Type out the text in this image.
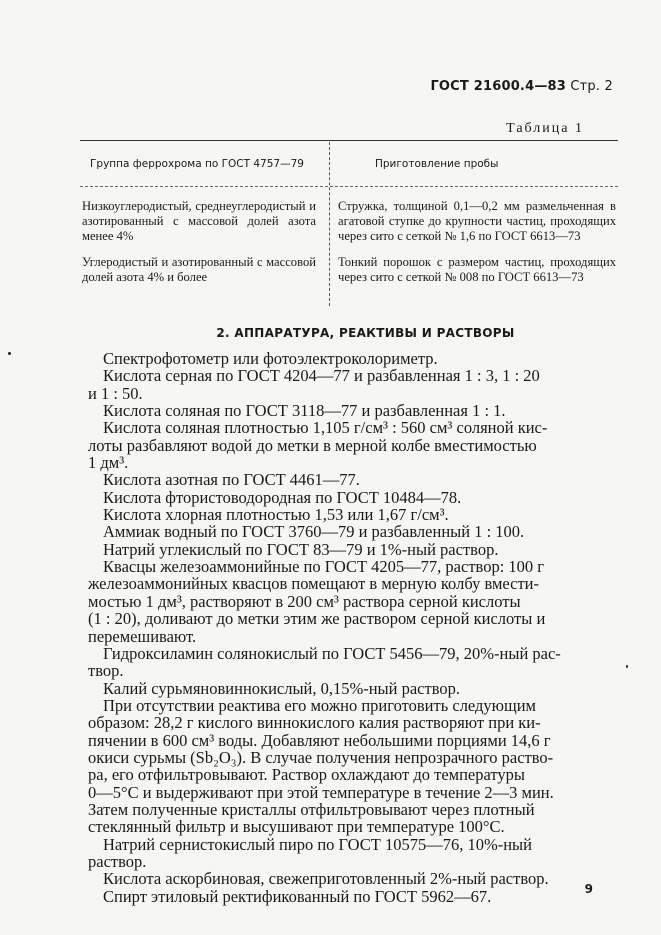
ГОСТ 21600.4—83 Стр. 2
Таблица 1
Группа феррохрома по ГОСТ 4757—79	Приготовление пробы
Низкоуглеродистый, среднеуглеродистый и азотированный с массовой долей азота менее 4%
Стружка, толщиной 0,1—0,2 мм размельченная в агатовой ступке до крупности частиц, проходящих через сито с сеткой № 1,6 по ГОСТ 6613—73
Углеродистый и азотированный с массовой долей азота 4% и более
Тонкий порошок с размером частиц, проходящих через сито с сеткой № 008 по ГОСТ 6613—73
2. АППАРАТУРА, РЕАКТИВЫ И РАСТВОРЫ
Спектрофотометр или фотоэлектроколориметр.
Кислота серная по ГОСТ 4204—77 и разбавленная 1 : 3, 1 : 20
и 1 : 50.
Кислота соляная по ГОСТ 3118—77 и разбавленная 1 : 1.
Кислота соляная плотностью 1,105 г/см³ : 560 см³ соляной кис-
лоты разбавляют водой до метки в мерной колбе вместимостью
1 дм³.
Кислота азотная по ГОСТ 4461—77.
Кислота фтористоводородная по ГОСТ 10484—78.
Кислота хлорная плотностью 1,53 или 1,67 г/см³.
Аммиак водный по ГОСТ 3760—79 и разбавленный 1 : 100.
Натрий углекислый по ГОСТ 83—79 и 1%-ный раствор.
Квасцы железоаммонийные по ГОСТ 4205—77, раствор: 100 г
железоаммонийных квасцов помещают в мерную колбу вмести-
мостью 1 дм³, растворяют в 200 см³ раствора серной кислоты
(1 : 20), доливают до метки этим же раствором серной кислоты и
перемешивают.
Гидроксиламин солянокислый по ГОСТ 5456—79, 20%-ный рас-
твор.
Калий сурьмяновиннокислый, 0,15%-ный раствор.
При отсутствии реактива его можно приготовить следующим
образом: 28,2 г кислого виннокислого калия растворяют при ки-
пячении в 600 см³ воды. Добавляют небольшими порциями 14,6 г
окиси сурьмы (Sb₂O₃). В случае получения непрозрачного раство-
ра, его отфильтровывают. Раствор охлаждают до температуры
0—5°С и выдерживают при этой температуре в течение 2—3 мин.
Затем полученные кристаллы отфильтровывают через плотный
стеклянный фильтр и высушивают при температуре 100°С.
Натрий сернистокислый пиро по ГОСТ 10575—76, 10%-ный
раствор.
Кислота аскорбиновая, свежеприготовленный 2%-ный раствор.
Спирт этиловый ректификованный по ГОСТ 5962—67.	9
